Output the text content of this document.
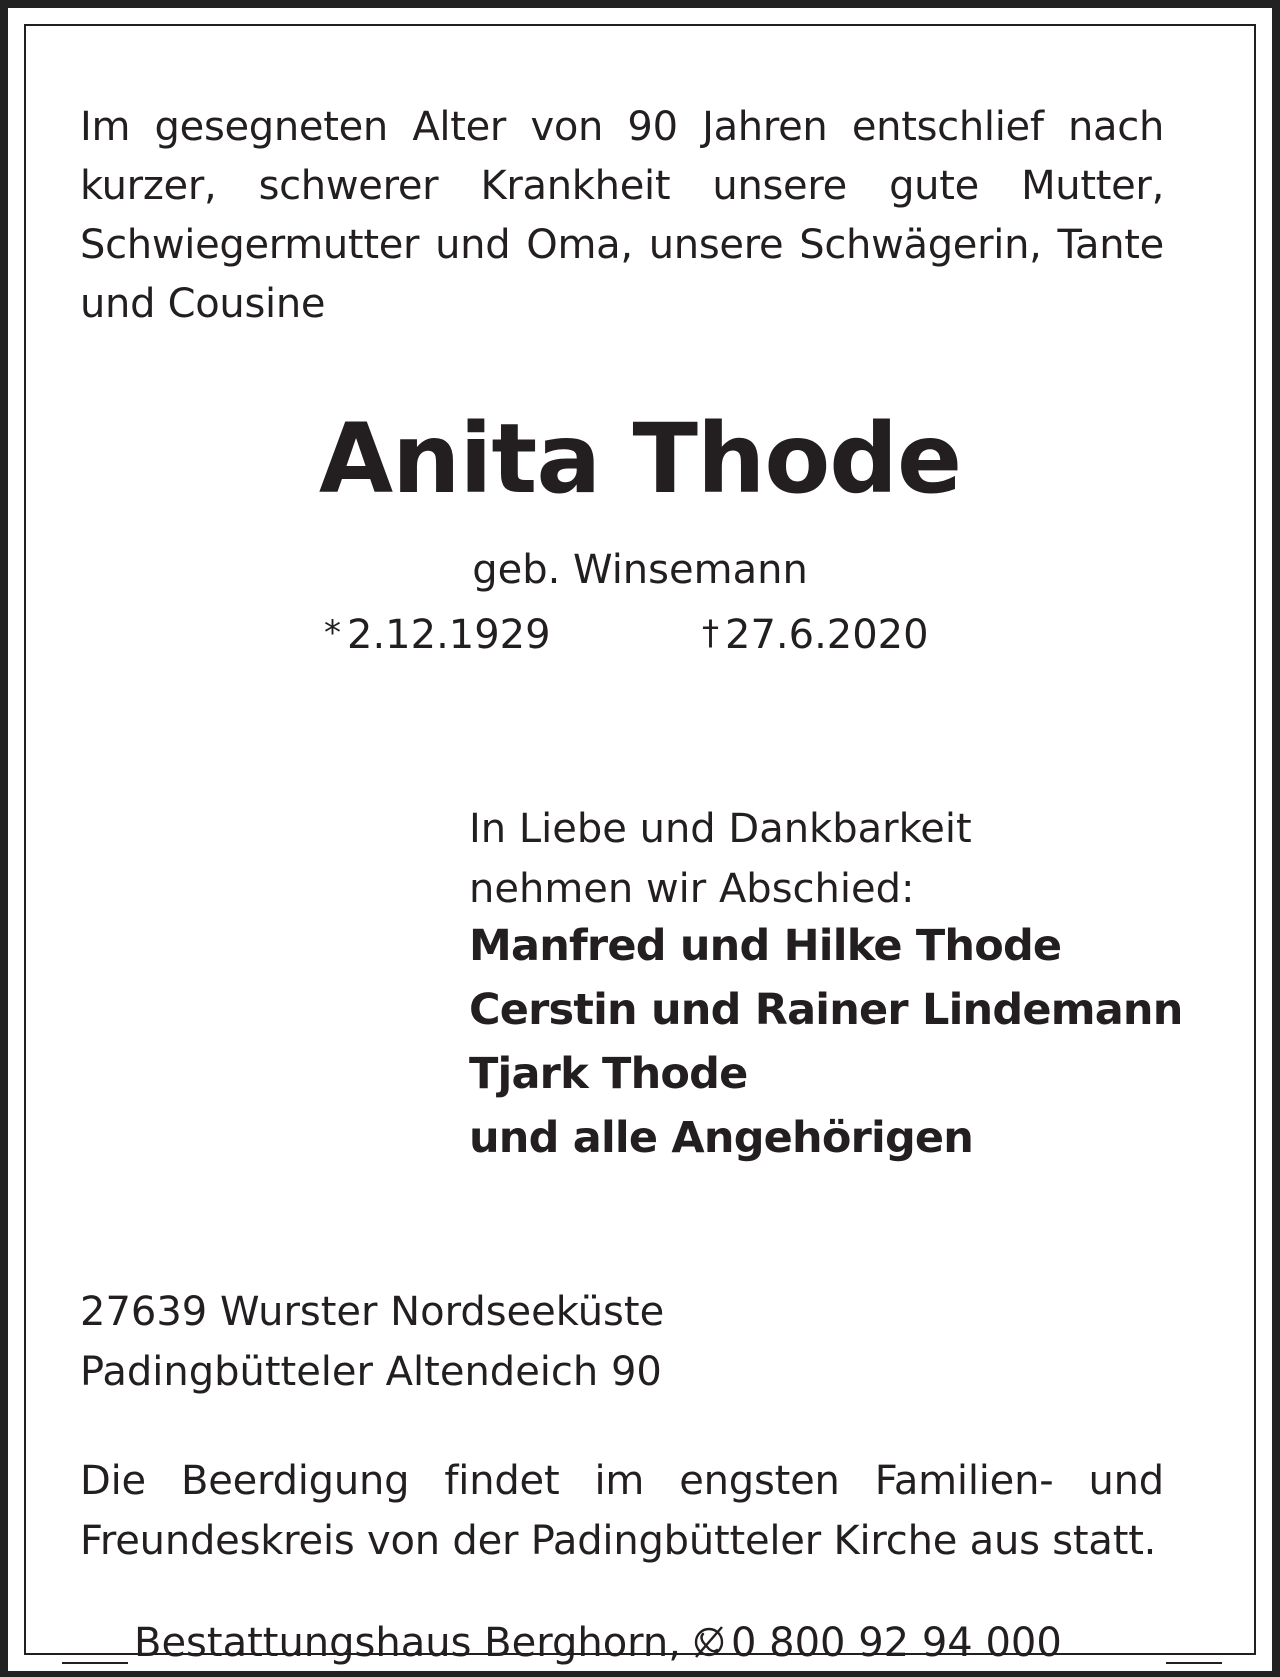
Im gesegneten Alter von 90 Jahren entschlief nach kurzer, schwerer Krankheit unsere gute Mutter, Schwiegermutter und Oma, unsere Schwägerin, Tante und Cousine
Anita Thode
geb. Winsemann
* 2.12.1929	† 27.6.2020
In Liebe und Dankbarkeit
nehmen wir Abschied:
Manfred und Hilke Thode
Cerstin und Rainer Lindemann
Tjark Thode
und alle Angehörigen
27639 Wurster Nordseeküste
Padingbütteler Altendeich 90
Die Beerdigung findet im engsten Familien- und Freundeskreis von der Padingbütteler Kirche aus statt.
Bestattungshaus Berghorn, 0 800 92 94 000
